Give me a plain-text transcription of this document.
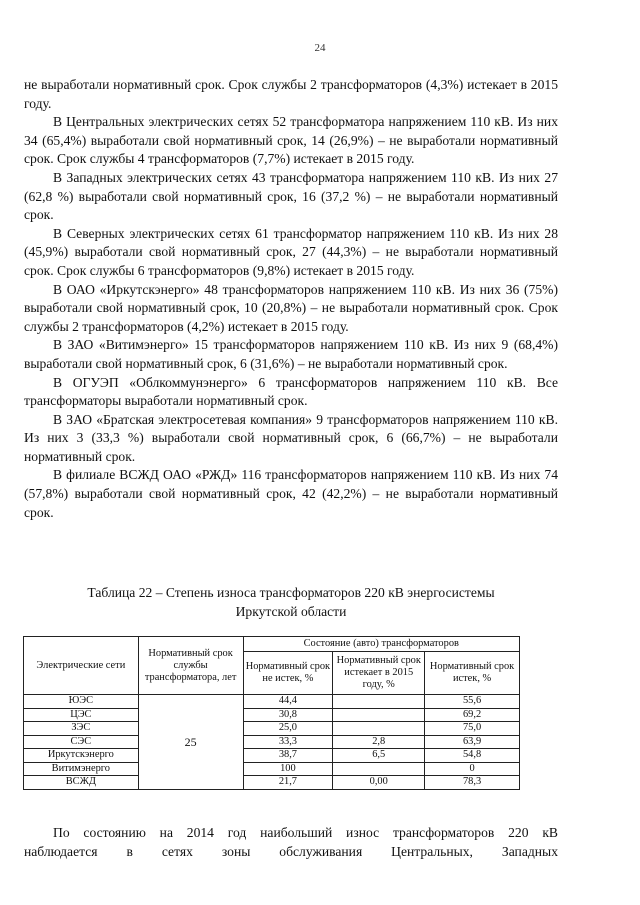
24

не выработали нормативный срок. Срок службы 2 трансформаторов (4,3%) истекает в 2015 году.

В Центральных электрических сетях 52 трансформатора напряжением 110 кВ. Из них 34 (65,4%) выработали свой нормативный срок, 14 (26,9%) – не выработали нормативный срок. Срок службы 4 трансформаторов (7,7%) истекает в 2015 году.

В Западных электрических сетях 43 трансформатора напряжением 110 кВ. Из них 27 (62,8 %) выработали свой нормативный срок, 16 (37,2 %) – не выработали нормативный срок.

В Северных электрических сетях 61 трансформатор напряжением 110 кВ. Из них 28 (45,9%) выработали свой нормативный срок, 27 (44,3%) – не выработали нормативный срок. Срок службы 6 трансформаторов (9,8%) истекает в 2015 году.

В ОАО «Иркутскэнерго» 48 трансформаторов напряжением 110 кВ. Из них 36 (75%) выработали свой нормативный срок, 10 (20,8%) – не выработали нормативный срок. Срок службы 2 трансформаторов (4,2%) истекает в 2015 году.

В ЗАО «Витимэнерго» 15 трансформаторов напряжением 110 кВ. Из них 9 (68,4%) выработали свой нормативный срок, 6 (31,6%) – не выработали нормативный срок.

В ОГУЭП «Облкоммунэнерго» 6 трансформаторов напряжением 110 кВ. Все трансформаторы выработали нормативный срок.

В ЗАО «Братская электросетевая компания» 9 трансформаторов напряжением 110 кВ. Из них 3 (33,3 %) выработали свой нормативный срок, 6 (66,7%) – не выработали нормативный срок.

В филиале ВСЖД ОАО «РЖД» 116 трансформаторов напряжением 110 кВ. Из них 74 (57,8%) выработали свой нормативный срок, 42 (42,2%) – не выработали нормативный срок.

Таблица 22 – Степень износа трансформаторов 220 кВ энергосистемы
Иркутской области
Электрические сети	Нормативный срок службы трансформатора, лет	Состояние (авто) трансформаторов		
		Нормативный срок не истек, %	Нормативный срок истекает в 2015 году, %	Нормативный срок истек, %
ЮЭС	25	44,4		55,6
ЦЭС		30,8		69,2
ЗЭС		25,0		75,0
СЭС		33,3	2,8	63,9
Иркутскэнерго		38,7	6,5	54,8
Витимэнерго		100		0
ВСЖД		21,7	0,00	78,3

По состоянию на 2014 год наибольший износ трансформаторов 220 кВ

наблюдается в сетях зоны обслуживания Центральных, Западных
